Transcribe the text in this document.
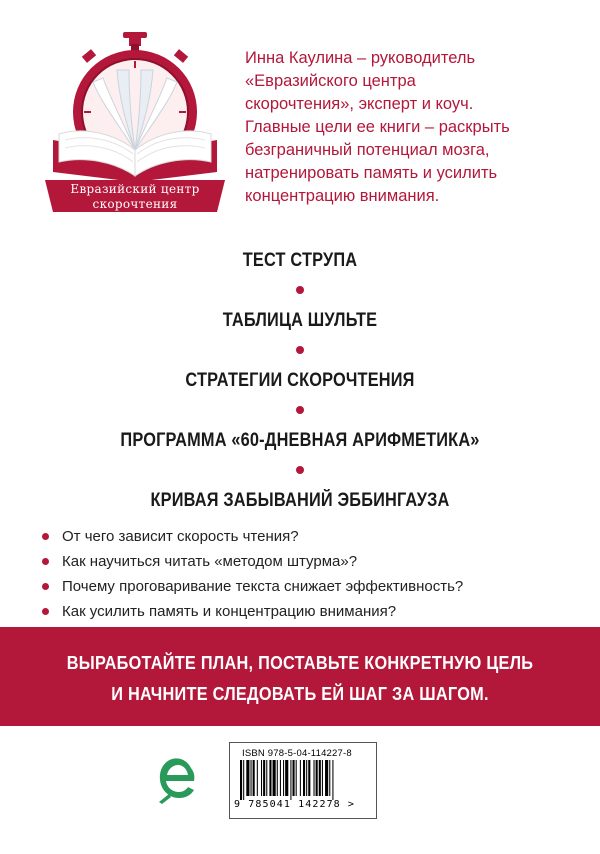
Евразийский центр
скорочтения
Инна Каулина – руководитель
«Евразийского центра
скорочтения», эксперт и коуч.
Главные цели ее книги – раскрыть
безграничный потенциал мозга,
натренировать память и усилить
концентрацию внимания.
ТЕСТ СТРУПА
ТАБЛИЦА ШУЛЬТЕ
СТРАТЕГИИ СКОРОЧТЕНИЯ
ПРОГРАММА «60-ДНЕВНАЯ АРИФМЕТИКА»
КРИВАЯ ЗАБЫВАНИЙ ЭББИНГАУЗА
От чего зависит скорость чтения?
Как научиться читать «методом штурма»?
Почему проговаривание текста снижает эффективность?
Как усилить память и концентрацию внимания?
ВЫРАБОТАЙТЕ ПЛАН, ПОСТАВЬТЕ КОНКРЕТНУЮ ЦЕЛЬ
И НАЧНИТЕ СЛЕДОВАТЬ ЕЙ ШАГ ЗА ШАГОМ.
ISBN 978-5-04-114227-8
9 785041 142278 >
